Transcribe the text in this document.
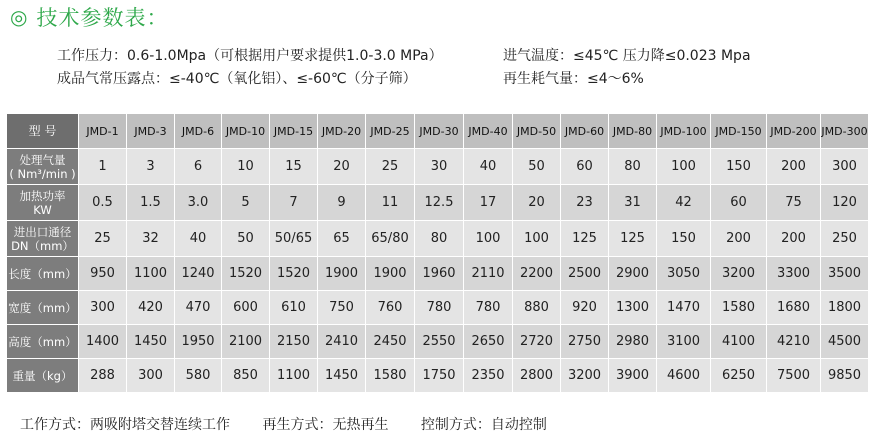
◎ 技术参数表：
工作压力：0.6-1.0Mpa（可根据用户要求提供1.0-3.0 MPa）	进气温度：≤45℃ 压力降≤0.023 Mpa
成品气常压露点：≤-40℃（氧化铝）、≤-60℃（分子筛）	再生耗气量：≤4～6%
型 号	JMD-1	JMD-3	JMD-6	JMD-10	JMD-15	JMD-20	JMD-25	JMD-30	JMD-40	JMD-50	JMD-60	JMD-80	JMD-100	JMD-150	JMD-200	JMD-300

处理气量
( Nm³/min )	1	3	6	10	15	20	25	30	40	50	60	80	100	150	200	300

加热功率
KW	0.5	1.5	3.0	5	7	9	11	12.5	17	20	23	31	42	60	75	120

进出口通径
DN（mm）	25	32	40	50	50/65	65	65/80	80	100	100	125	125	150	200	200	250

长度（mm）	950	1100	1240	1520	1520	1900	1900	1960	2110	2200	2500	2900	3050	3200	3300	3500

宽度（mm）	300	420	470	600	610	750	760	780	780	880	920	1300	1470	1580	1680	1800

高度（mm）	1400	1450	1950	2100	2150	2410	2450	2550	2650	2720	2750	2980	3100	4100	4210	4500

重量（kg）	288	300	580	850	1100	1450	1580	1750	2350	2800	3200	3900	4600	6250	7500	9850
工作方式：两吸附塔交替连续工作 再生方式：无热再生 控制方式：自动控制
